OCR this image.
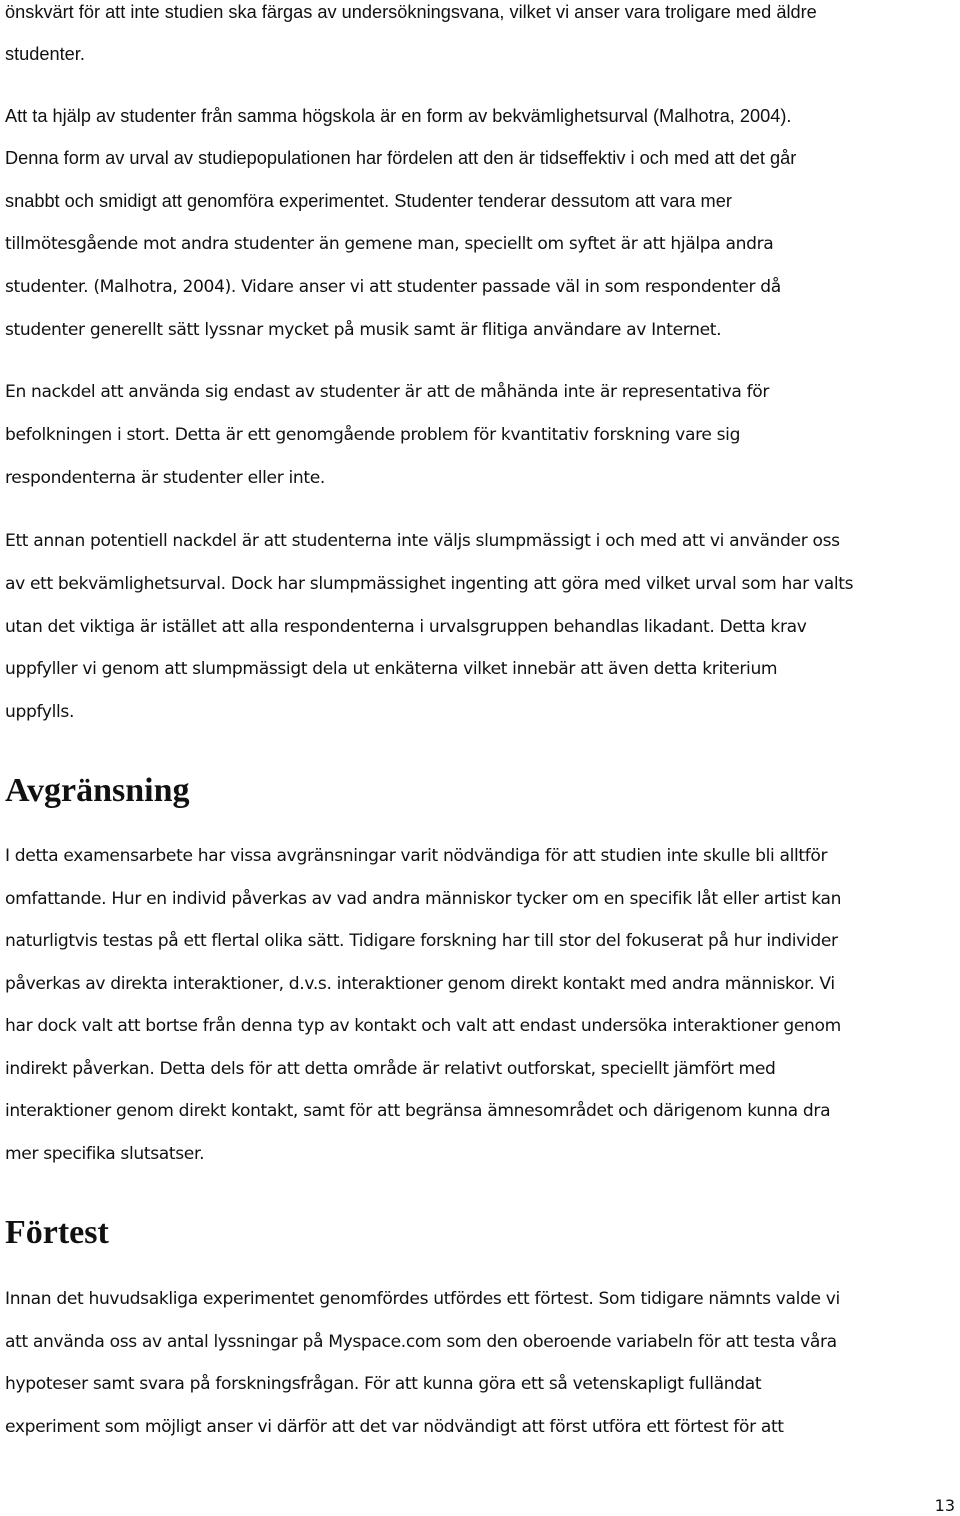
önskvärt för att inte studien ska färgas av undersökningsvana, vilket vi anser vara troligare med äldre
studenter.
Att ta hjälp av studenter från samma högskola är en form av bekvämlighetsurval (Malhotra, 2004).
Denna form av urval av studiepopulationen har fördelen att den är tidseffektiv i och med att det går
snabbt och smidigt att genomföra experimentet. Studenter tenderar dessutom att vara mer
tillmötesgående mot andra studenter än gemene man, speciellt om syftet är att hjälpa andra
studenter. (Malhotra, 2004). Vidare anser vi att studenter passade väl in som respondenter då
studenter generellt sätt lyssnar mycket på musik samt är flitiga användare av Internet.
En nackdel att använda sig endast av studenter är att de måhända inte är representativa för
befolkningen i stort. Detta är ett genomgående problem för kvantitativ forskning vare sig
respondenterna är studenter eller inte.
Ett annan potentiell nackdel är att studenterna inte väljs slumpmässigt i och med att vi använder oss
av ett bekvämlighetsurval. Dock har slumpmässighet ingenting att göra med vilket urval som har valts
utan det viktiga är istället att alla respondenterna i urvalsgruppen behandlas likadant. Detta krav
uppfyller vi genom att slumpmässigt dela ut enkäterna vilket innebär att även detta kriterium
uppfylls.
Avgränsning
I detta examensarbete har vissa avgränsningar varit nödvändiga för att studien inte skulle bli alltför
omfattande. Hur en individ påverkas av vad andra människor tycker om en specifik låt eller artist kan
naturligtvis testas på ett flertal olika sätt. Tidigare forskning har till stor del fokuserat på hur individer
påverkas av direkta interaktioner, d.v.s. interaktioner genom direkt kontakt med andra människor. Vi
har dock valt att bortse från denna typ av kontakt och valt att endast undersöka interaktioner genom
indirekt påverkan. Detta dels för att detta område är relativt outforskat, speciellt jämfört med
interaktioner genom direkt kontakt, samt för att begränsa ämnesområdet och därigenom kunna dra
mer specifika slutsatser.
Förtest
Innan det huvudsakliga experimentet genomfördes utfördes ett förtest. Som tidigare nämnts valde vi
att använda oss av antal lyssningar på Myspace.com som den oberoende variabeln för att testa våra
hypoteser samt svara på forskningsfrågan. För att kunna göra ett så vetenskapligt fulländat
experiment som möjligt anser vi därför att det var nödvändigt att först utföra ett förtest för att
13
